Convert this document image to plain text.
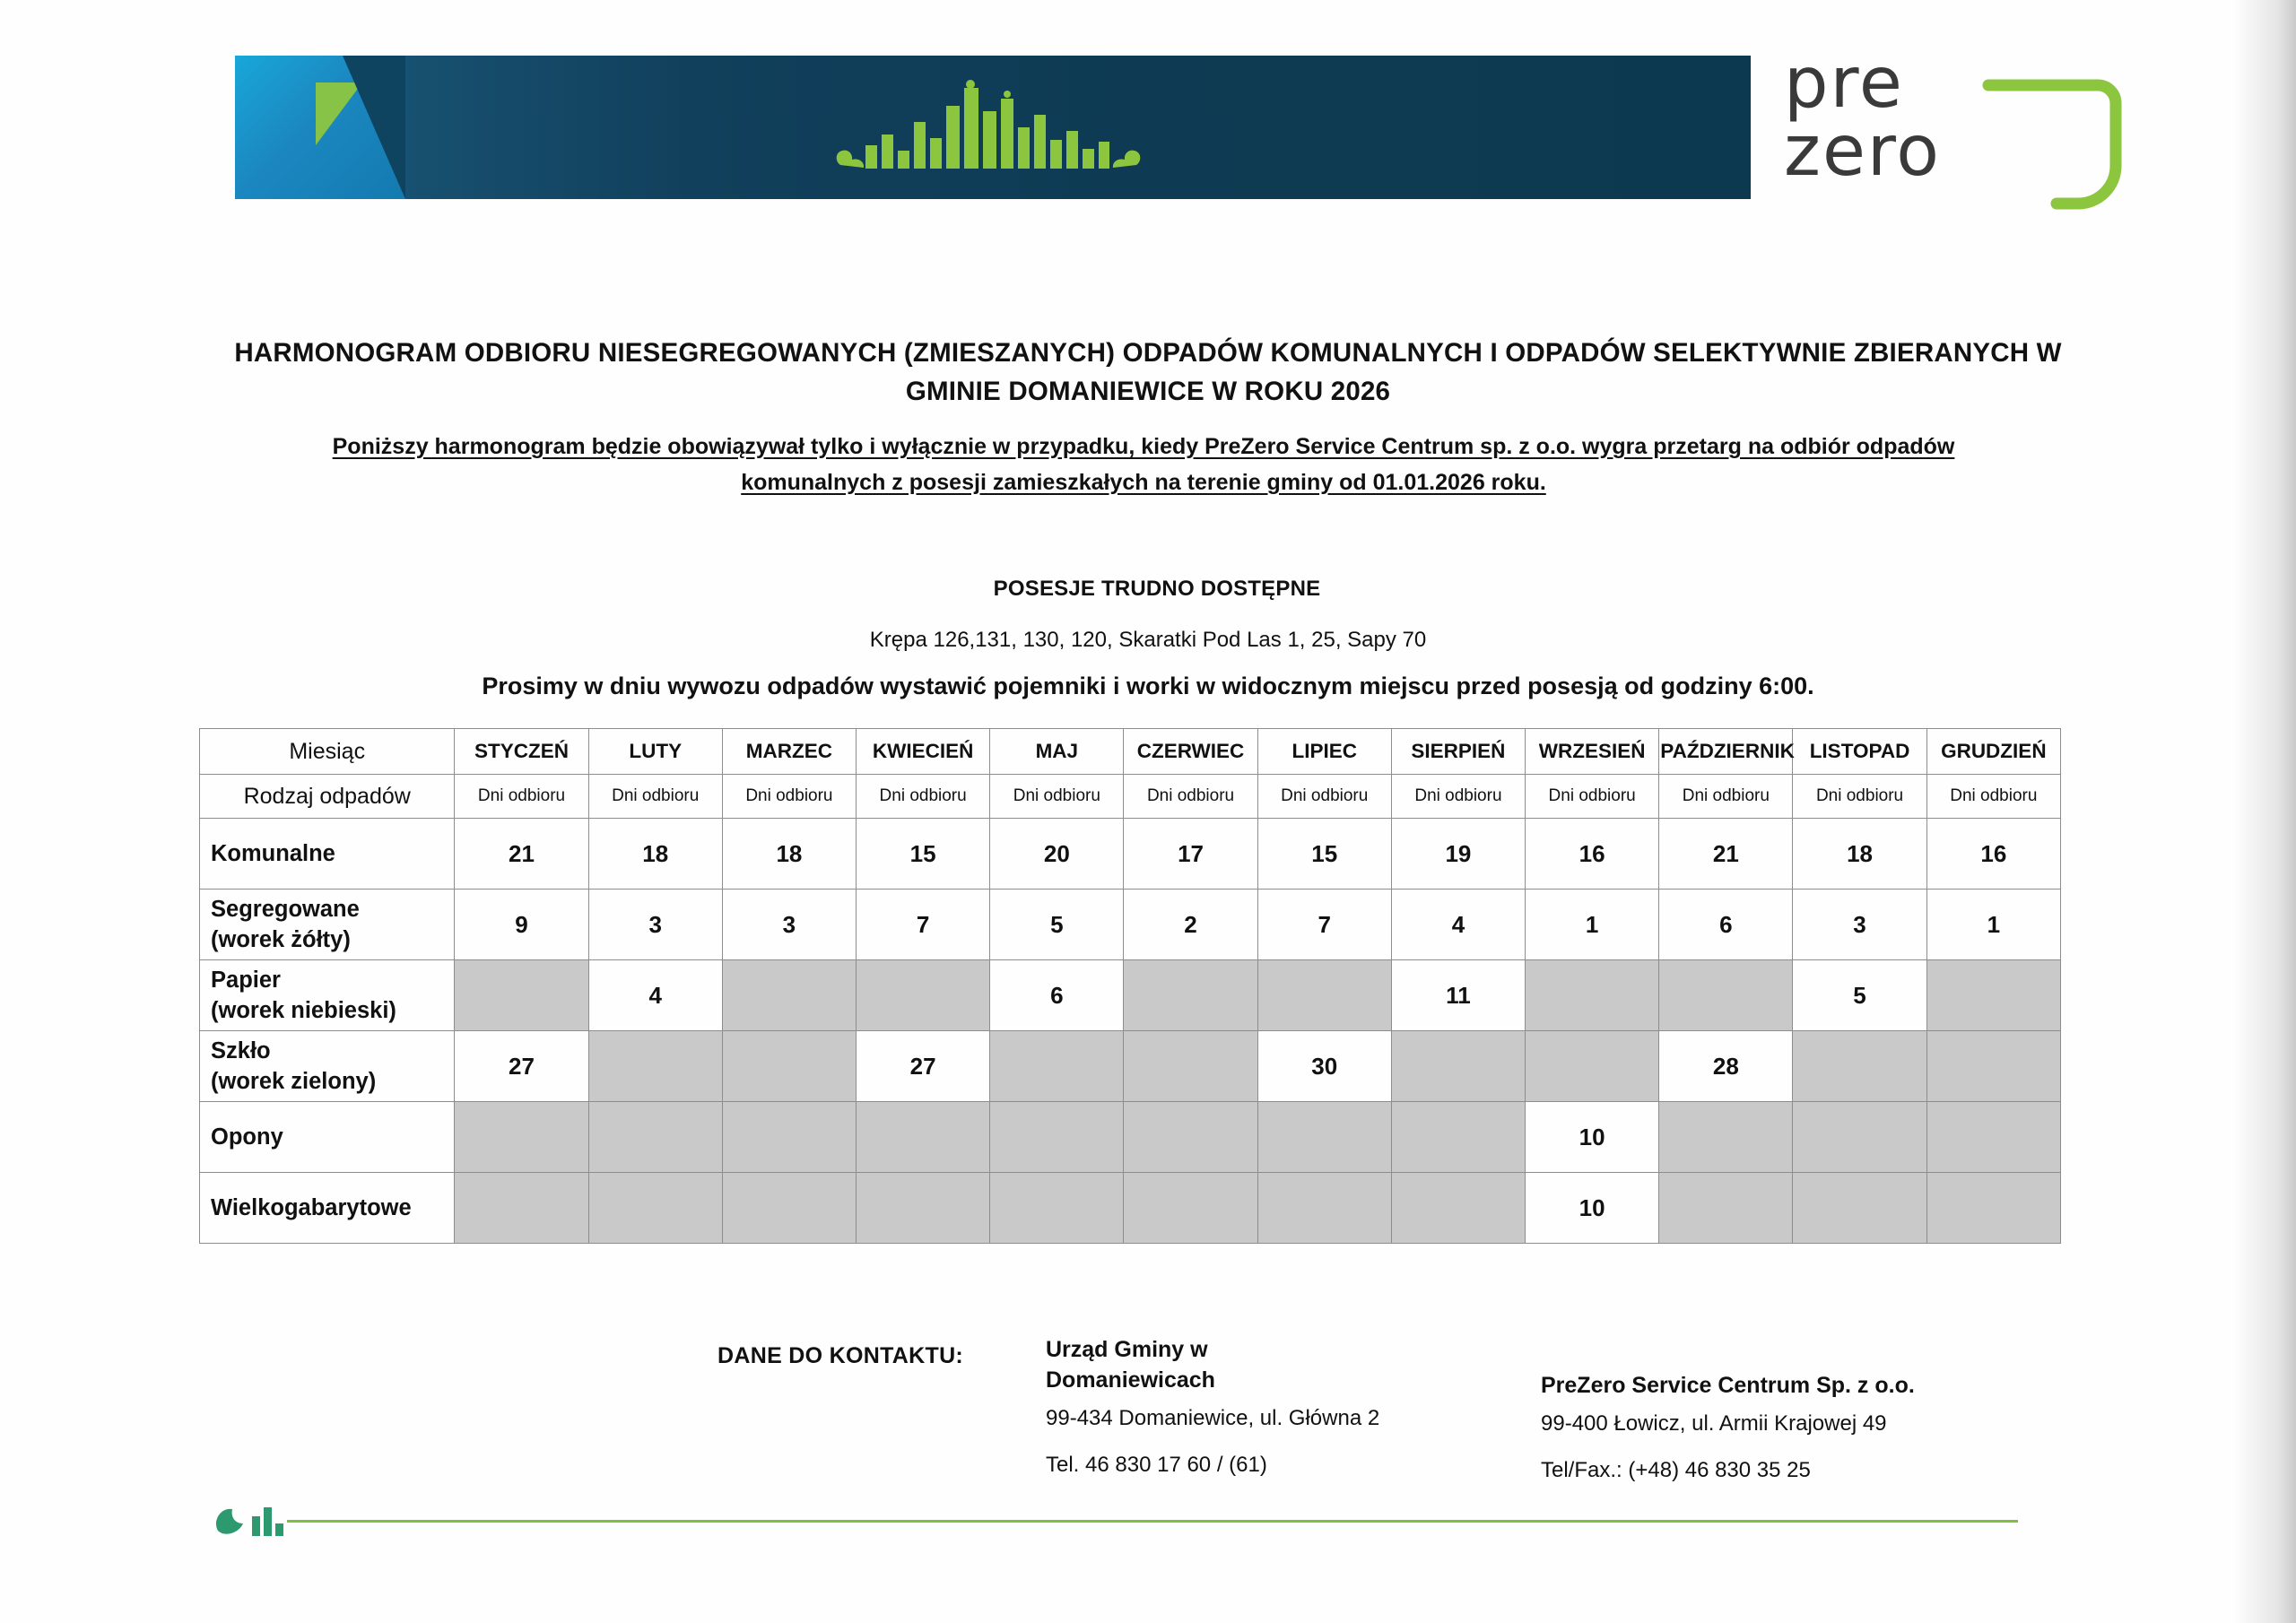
pre
zero
HARMONOGRAM ODBIORU NIESEGREGOWANYCH (ZMIESZANYCH) ODPADÓW KOMUNALNYCH I ODPADÓW SELEKTYWNIE ZBIERANYCH W GMINIE DOMANIEWICE W ROKU 2026
Poniższy harmonogram będzie obowiązywał tylko i wyłącznie w przypadku, kiedy PreZero Service Centrum sp. z o.o. wygra przetarg na odbiór odpadów
komunalnych z posesji zamieszkałych na terenie gminy od 01.01.2026 roku.
POSESJE TRUDNO DOSTĘPNE
Krępa 126,131, 130, 120, Skaratki Pod Las 1, 25, Sapy 70
Prosimy w dniu wywozu odpadów wystawić pojemniki i worki w widocznym miejscu przed posesją od godziny 6:00.
Miesiąc	STYCZEŃ	LUTY	MARZEC	KWIECIEŃ	MAJ	CZERWIEC	LIPIEC	SIERPIEŃ	WRZESIEŃ	PAŹDZIERNIK	LISTOPAD	GRUDZIEŃ
Rodzaj odpadów	Dni odbioru	Dni odbioru	Dni odbioru	Dni odbioru	Dni odbioru	Dni odbioru	Dni odbioru	Dni odbioru	Dni odbioru	Dni odbioru	Dni odbioru	Dni odbioru
Komunalne	21	18	18	15	20	17	15	19	16	21	18	16
Segregowane
(worek żółty)	9	3	3	7	5	2	7	4	1	6	3	1
Papier
(worek niebieski)		4			6			11			5	
Szkło
(worek zielony)	27			27			30			28		
Opony									10			
Wielkogabarytowe									10			
DANE DO KONTAKTU:	Urząd Gminy w
Domaniewicach
99-434 Domaniewice, ul. Główna 2
Tel. 46 830 17 60 / (61)
PreZero Service Centrum Sp. z o.o.
99-400 Łowicz, ul. Armii Krajowej 49
Tel/Fax.: (+48) 46 830 35 25
